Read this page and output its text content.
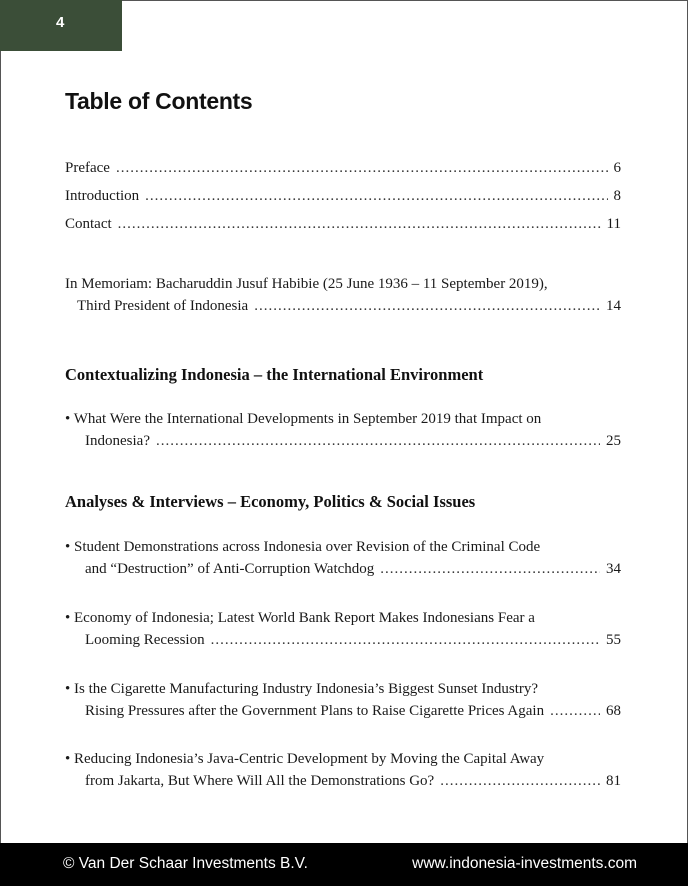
4
Table of Contents
Preface .....	6
Introduction .....	8
Contact .....	11
In Memoriam: Bacharuddin Jusuf Habibie (25 June 1936 – 11 September 2019),
Third President of Indonesia .....	14
Contextualizing Indonesia – the International Environment
• What Were the International Developments in September 2019 that Impact on
Indonesia? .....	25
Analyses & Interviews – Economy, Politics & Social Issues
• Student Demonstrations across Indonesia over Revision of the Criminal Code
and “Destruction” of Anti-Corruption Watchdog .....	34
• Economy of Indonesia; Latest World Bank Report Makes Indonesians Fear a
Looming Recession .....	55
• Is the Cigarette Manufacturing Industry Indonesia’s Biggest Sunset Industry?
Rising Pressures after the Government Plans to Raise Cigarette Prices Again .....	68
• Reducing Indonesia’s Java-Centric Development by Moving the Capital Away
from Jakarta, But Where Will All the Demonstrations Go? .....	81
© Van Der Schaar Investments B.V.	www.indonesia-investments.com
